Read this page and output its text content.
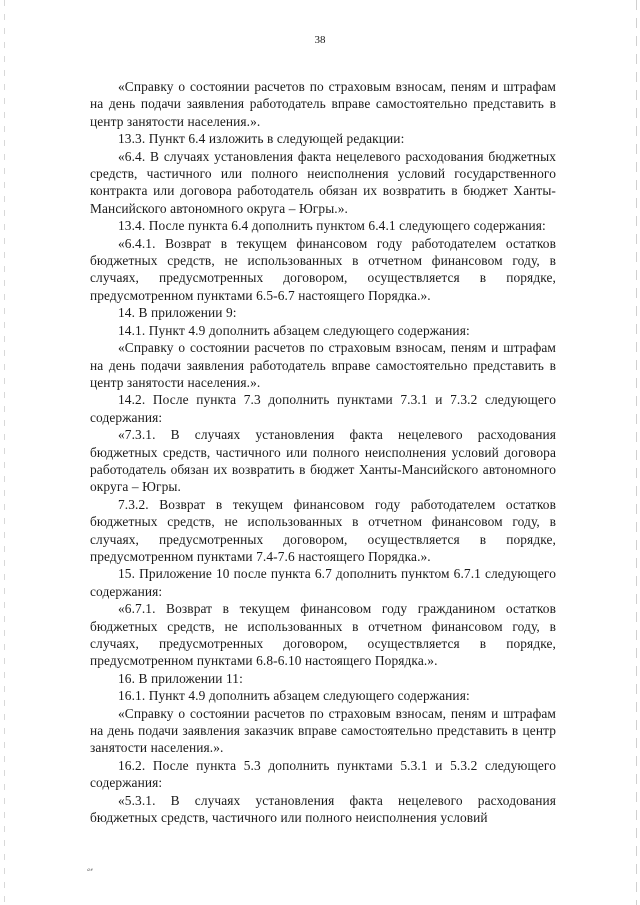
38

«Справку о состоянии расчетов по страховым взносам, пеням и штрафам на день подачи заявления работодатель вправе самостоятельно представить в центр занятости населения.».

13.3. Пункт 6.4 изложить в следующей редакции:

«6.4. В случаях установления факта нецелевого расходования бюджетных средств, частичного или полного неисполнения условий государственного контракта или договора работодатель обязан их возвратить в бюджет Ханты-Мансийского автономного округа – Югры.».

13.4. После пункта 6.4 дополнить пунктом 6.4.1 следующего содержания:

«6.4.1. Возврат в текущем финансовом году работодателем остатков бюджетных средств, не использованных в отчетном финансовом году, в случаях, предусмотренных договором, осуществляется в порядке, предусмотренном пунктами 6.5-6.7 настоящего Порядка.».

14. В приложении 9:

14.1. Пункт 4.9 дополнить абзацем следующего содержания:

«Справку о состоянии расчетов по страховым взносам, пеням и штрафам на день подачи заявления работодатель вправе самостоятельно представить в центр занятости населения.».

14.2. После пункта 7.3 дополнить пунктами 7.3.1 и 7.3.2 следующего содержания:

«7.3.1. В случаях установления факта нецелевого расходования бюджетных средств, частичного или полного неисполнения условий договора работодатель обязан их возвратить в бюджет Ханты-Мансийского автономного округа – Югры.

7.3.2. Возврат в текущем финансовом году работодателем остатков бюджетных средств, не использованных в отчетном финансовом году, в случаях, предусмотренных договором, осуществляется в порядке, предусмотренном пунктами 7.4-7.6 настоящего Порядка.».

15. Приложение 10 после пункта 6.7 дополнить пунктом 6.7.1 следующего содержания:

«6.7.1. Возврат в текущем финансовом году гражданином остатков бюджетных средств, не использованных в отчетном финансовом году, в случаях, предусмотренных договором, осуществляется в порядке, предусмотренном пунктами 6.8-6.10 настоящего Порядка.».

16. В приложении 11:

16.1. Пункт 4.9 дополнить абзацем следующего содержания:

«Справку о состоянии расчетов по страховым взносам, пеням и штрафам на день подачи заявления заказчик вправе самостоятельно представить в центр занятости населения.».

16.2. После пункта 5.3 дополнить пунктами 5.3.1 и 5.3.2 следующего содержания:

«5.3.1. В случаях установления факта нецелевого расходования бюджетных средств, частичного или полного неисполнения условий

ᵃᵉ
